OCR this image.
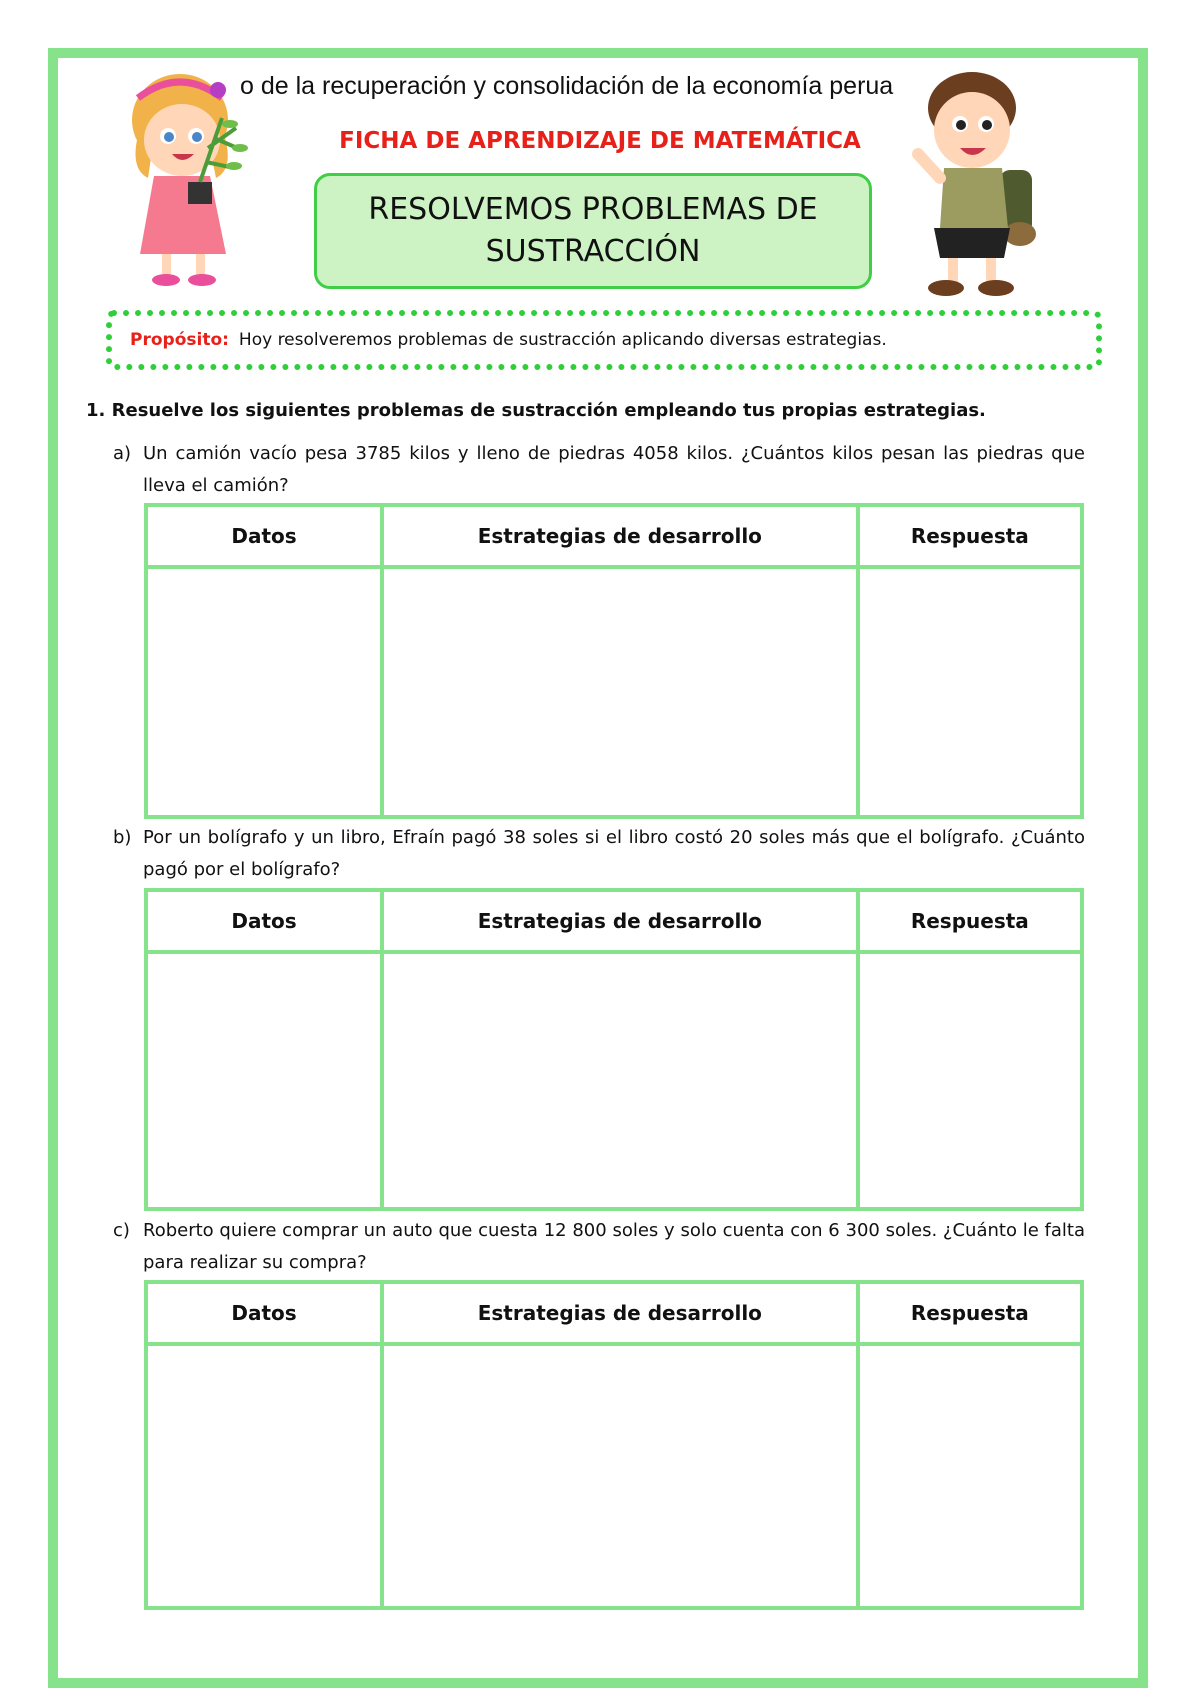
o de la recuperación y consolidación de la economía perua
FICHA DE APRENDIZAJE DE MATEMÁTICA
RESOLVEMOS PROBLEMAS DE SUSTRACCIÓN
Propósito: Hoy resolveremos problemas de sustracción aplicando diversas estrategias.
1. Resuelve los siguientes problemas de sustracción empleando tus propias estrategias.
a) Un camión vacío pesa 3785 kilos y lleno de piedras 4058 kilos. ¿Cuántos kilos pesan las piedras que lleva el camión?
Datos	Estrategias de desarrollo	Respuesta

b) Por un bolígrafo y un libro, Efraín pagó 38 soles si el libro costó 20 soles más que el bolígrafo. ¿Cuánto pagó por el bolígrafo?
Datos	Estrategias de desarrollo	Respuesta

c) Roberto quiere comprar un auto que cuesta 12 800 soles y solo cuenta con 6 300 soles. ¿Cuánto le falta para realizar su compra?
Datos	Estrategias de desarrollo	Respuesta
